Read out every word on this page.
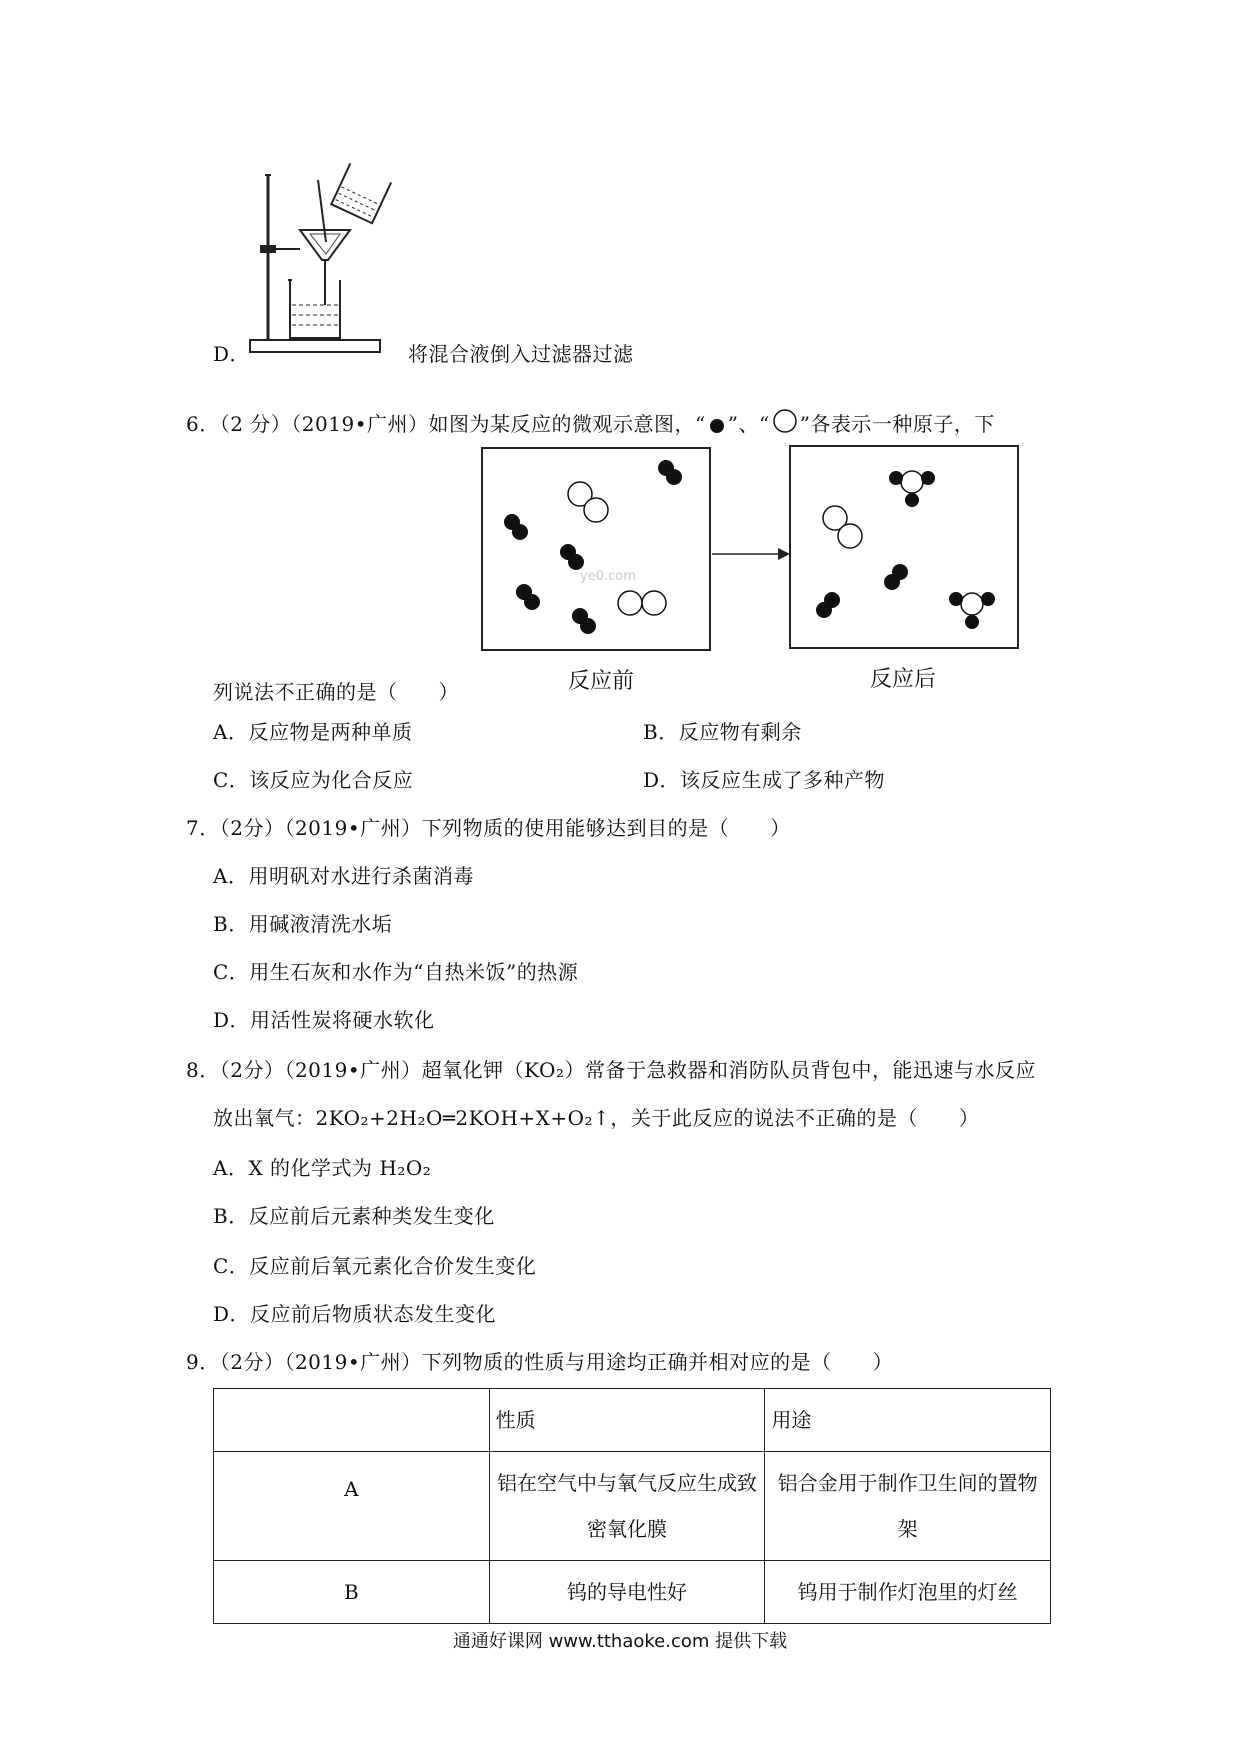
D．	将混合液倒入过滤器过滤
6．（2 分）（2019•广州）如图为某反应的微观示意图，“ ”、“ ”各表示一种原子，下
ye0.com
反应前	反应后
列说法不正确的是（　　）
A．反应物是两种单质	B．反应物有剩余
C．该反应为化合反应	D．该反应生成了多种产物
7．（2分）（2019•广州）下列物质的使用能够达到目的是（　　）
A．用明矾对水进行杀菌消毒
B．用碱液清洗水垢
C．用生石灰和水作为“自热米饭”的热源
D．用活性炭将硬水软化
8．（2分）（2019•广州）超氧化钾（KO₂）常备于急救器和消防队员背包中，能迅速与水反应
放出氧气：2KO₂+2H₂O═2KOH+X+O₂↑，关于此反应的说法不正确的是（　　）
A．X 的化学式为 H₂O₂
B．反应前后元素种类发生变化
C．反应前后氧元素化合价发生变化
D．反应前后物质状态发生变化
9．（2分）（2019•广州）下列物质的性质与用途均正确并相对应的是（　　）
	性质	用途
A	铝在空气中与氧气反应生成致密氧化膜	铝合金用于制作卫生间的置物架
B	钨的导电性好	钨用于制作灯泡里的灯丝
通通好课网 www.tthaoke.com 提供下载
